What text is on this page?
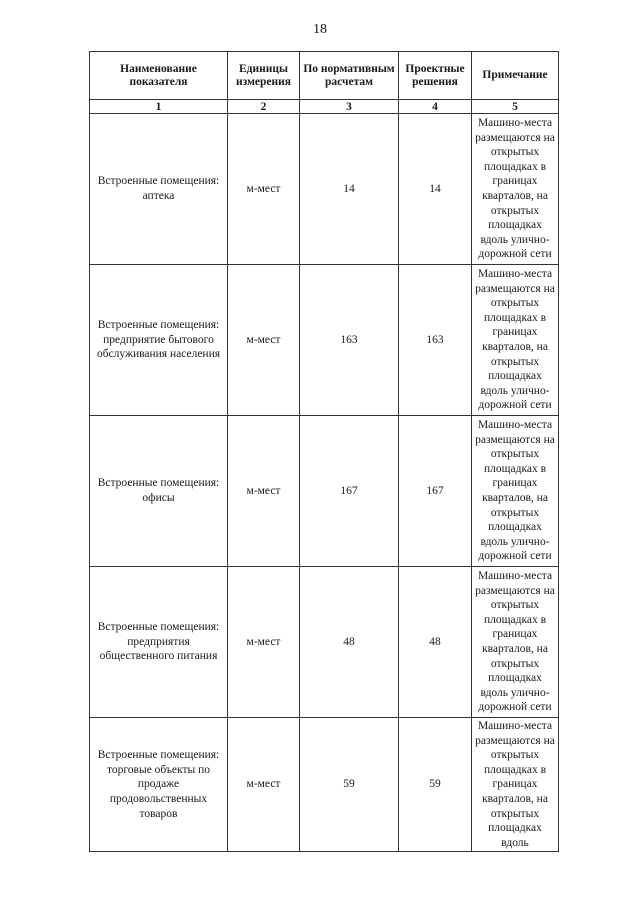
18
Наименование показателя	Единицы измерения	По нормативным расчетам	Проектные решения	Примечание
1	2	3	4	5
Встроенные помещения: аптека	м-мест	14	14	Машино-места размещаются на открытых площадках в границах кварталов, на открытых площадках вдоль улично-дорожной сети
Встроенные помещения: предприятие бытового обслуживания населения	м-мест	163	163	Машино-места размещаются на открытых площадках в границах кварталов, на открытых площадках вдоль улично-дорожной сети
Встроенные помещения: офисы	м-мест	167	167	Машино-места размещаются на открытых площадках в границах кварталов, на открытых площадках вдоль улично-дорожной сети
Встроенные помещения: предприятия общественного питания	м-мест	48	48	Машино-места размещаются на открытых площадках в границах кварталов, на открытых площадках вдоль улично-дорожной сети
Встроенные помещения: торговые объекты по продаже продовольственных товаров	м-мест	59	59	Машино-места размещаются на открытых площадках в границах кварталов, на открытых площадках вдоль
